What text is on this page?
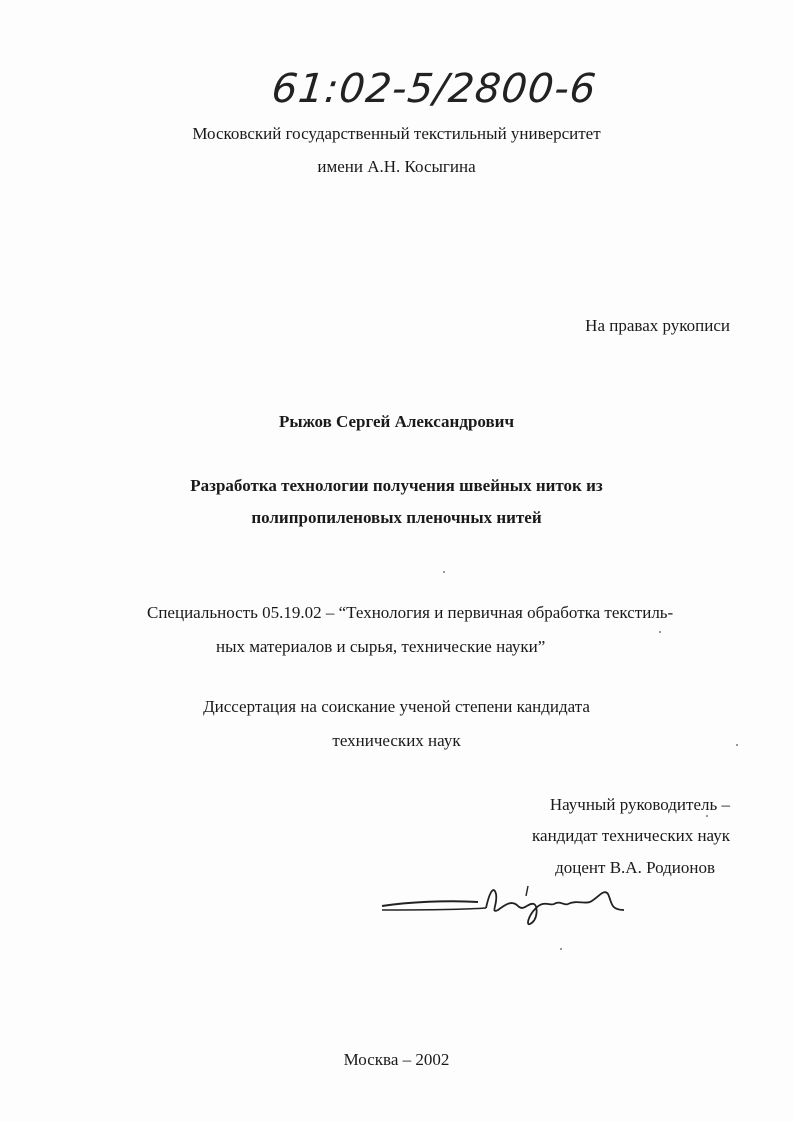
61:02-5/2800-6
Московский государственный текстильный университет
имени А.Н. Косыгина
На правах рукописи
Рыжов Сергей Александрович
Разработка технологии получения швейных ниток из
полипропиленовых пленочных нитей
Специальность 05.19.02 – “Технология и первичная обработка текстиль-
ных материалов и сырья, технические науки”
Диссертация на соискание ученой степени кандидата
технических наук
Научный руководитель –
кандидат технических наук
доцент В.А. Родионов
Москва – 2002
